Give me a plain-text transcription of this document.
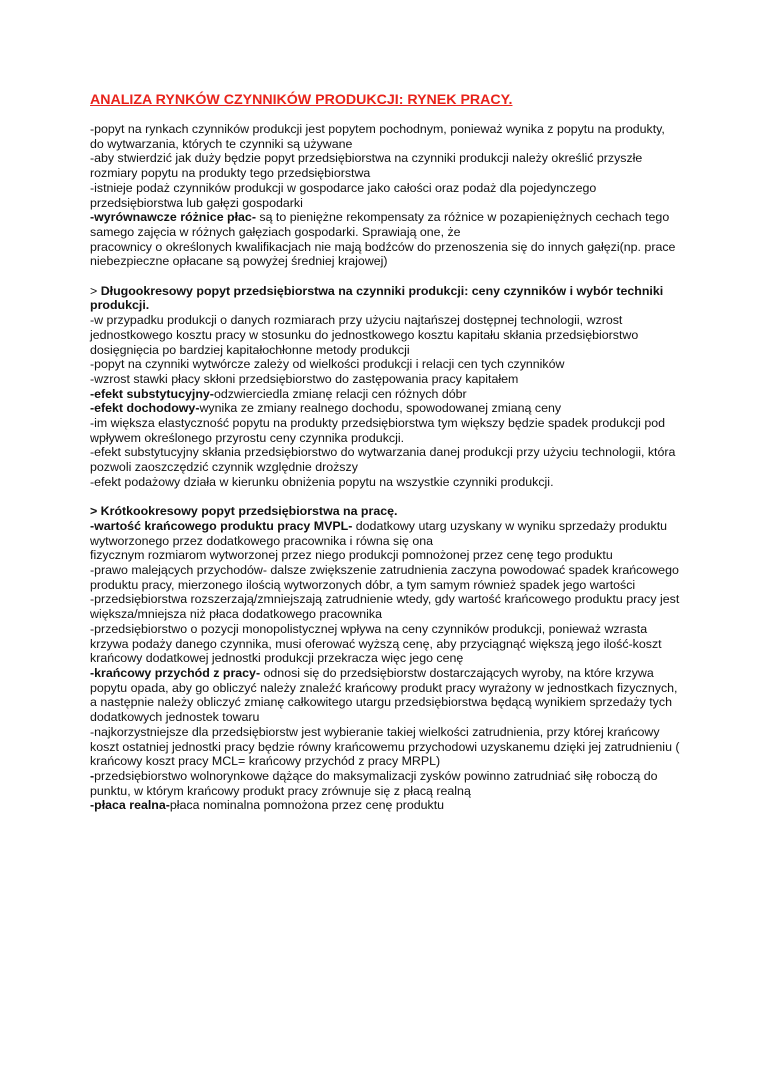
ANALIZA RYNKÓW CZYNNIKÓW PRODUKCJI: RYNEK PRACY.

-popyt na rynkach czynników produkcji jest popytem pochodnym, ponieważ wynika z popytu na produkty, do wytwarzania, których te czynniki są używane

-aby stwierdzić jak duży będzie popyt przedsiębiorstwa na czynniki produkcji należy określić przyszłe rozmiary popytu na produkty tego przedsiębiorstwa

-istnieje podaż czynników produkcji w gospodarce jako całości oraz podaż dla pojedynczego przedsiębiorstwa lub gałęzi gospodarki

-wyrównawcze różnice płac- są to pieniężne rekompensaty za różnice w pozapieniężnych cechach tego samego zajęcia w różnych gałęziach gospodarki. Sprawiają one, że

pracownicy o określonych kwalifikacjach nie mają bodźców do przenoszenia się do innych gałęzi(np. prace niebezpieczne opłacane są powyżej średniej krajowej)

> Długookresowy popyt przedsiębiorstwa na czynniki produkcji: ceny czynników i wybór techniki produkcji.

-w przypadku produkcji o danych rozmiarach przy użyciu najtańszej dostępnej technologii, wzrost jednostkowego kosztu pracy w stosunku do jednostkowego kosztu kapitału skłania przedsiębiorstwo dosięgnięcia po bardziej kapitałochłonne metody produkcji

-popyt na czynniki wytwórcze zależy od wielkości produkcji i relacji cen tych czynników

-wzrost stawki płacy skłoni przedsiębiorstwo do zastępowania pracy kapitałem

-efekt substytucyjny-odzwierciedla zmianę relacji cen różnych dóbr

-efekt dochodowy-wynika ze zmiany realnego dochodu, spowodowanej zmianą ceny

-im większa elastyczność popytu na produkty przedsiębiorstwa tym większy będzie spadek produkcji pod wpływem określonego przyrostu ceny czynnika produkcji.

-efekt substytucyjny skłania przedsiębiorstwo do wytwarzania danej produkcji przy użyciu technologii, która pozwoli zaoszczędzić czynnik względnie droższy

-efekt podażowy działa w kierunku obniżenia popytu na wszystkie czynniki produkcji.

> Krótkookresowy popyt przedsiębiorstwa na pracę.

-wartość krańcowego produktu pracy MVPL- dodatkowy utarg uzyskany w wyniku sprzedaży produktu wytworzonego przez dodatkowego pracownika i równa się ona

fizycznym rozmiarom wytworzonej przez niego produkcji pomnożonej przez cenę tego produktu

-prawo malejących przychodów- dalsze zwiększenie zatrudnienia zaczyna powodować spadek krańcowego produktu pracy, mierzonego ilością wytworzonych dóbr, a tym samym również spadek jego wartości

-przedsiębiorstwa rozszerzają/zmniejszają zatrudnienie wtedy, gdy wartość krańcowego produktu pracy jest większa/mniejsza niż płaca dodatkowego pracownika

-przedsiębiorstwo o pozycji monopolistycznej wpływa na ceny czynników produkcji, ponieważ wzrasta krzywa podaży danego czynnika, musi oferować wyższą cenę, aby przyciągnąć większą jego ilość-koszt krańcowy dodatkowej jednostki produkcji przekracza więc jego cenę

-krańcowy przychód z pracy- odnosi się do przedsiębiorstw dostarczających wyroby, na które krzywa popytu opada, aby go obliczyć należy znaleźć krańcowy produkt pracy wyrażony w jednostkach fizycznych, a następnie należy obliczyć zmianę całkowitego utargu przedsiębiorstwa będącą wynikiem sprzedaży tych dodatkowych jednostek towaru

-najkorzystniejsze dla przedsiębiorstw jest wybieranie takiej wielkości zatrudnienia, przy której krańcowy koszt ostatniej jednostki pracy będzie równy krańcowemu przychodowi uzyskanemu dzięki jej zatrudnieniu ( krańcowy koszt pracy MCL= krańcowy przychód z pracy MRPL)

-przedsiębiorstwo wolnorynkowe dążące do maksymalizacji zysków powinno zatrudniać siłę roboczą do punktu, w którym krańcowy produkt pracy zrównuje się z płacą realną

-płaca realna-płaca nominalna pomnożona przez cenę produktu
